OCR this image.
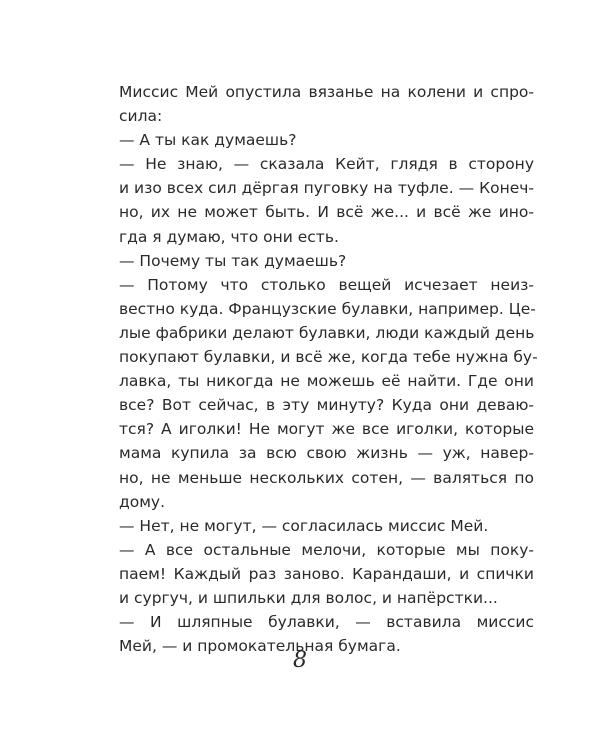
Миссис Мей опустила вязанье на колени и спро-
сила:
— А ты как думаешь?
— Не знаю, — сказала Кейт, глядя в сторону
и изо всех сил дёргая пуговку на туфле. — Конеч-
но, их не может быть. И всё же... и всё же ино-
гда я думаю, что они есть.
— Почему ты так думаешь?
— Потому что столько вещей исчезает неиз-
вестно куда. Французские булавки, например. Це-
лые фабрики делают булавки, люди каждый день
покупают булавки, и всё же, когда тебе нужна бу-
лавка, ты никогда не можешь её найти. Где они
все? Вот сейчас, в эту минуту? Куда они деваю-
тся? А иголки! Не могут же все иголки, которые
мама купила за всю свою жизнь — уж, навер-
но, не меньше нескольких сотен, — валяться по
дому.
— Нет, не могут, — согласилась миссис Мей.
— А все остальные мелочи, которые мы поку-
паем! Каждый раз заново. Карандаши, и спички
и сургуч, и шпильки для волос, и напёрстки...
— И шляпные булавки, — вставила миссис
Мей, — и промокательная бумага.
8
